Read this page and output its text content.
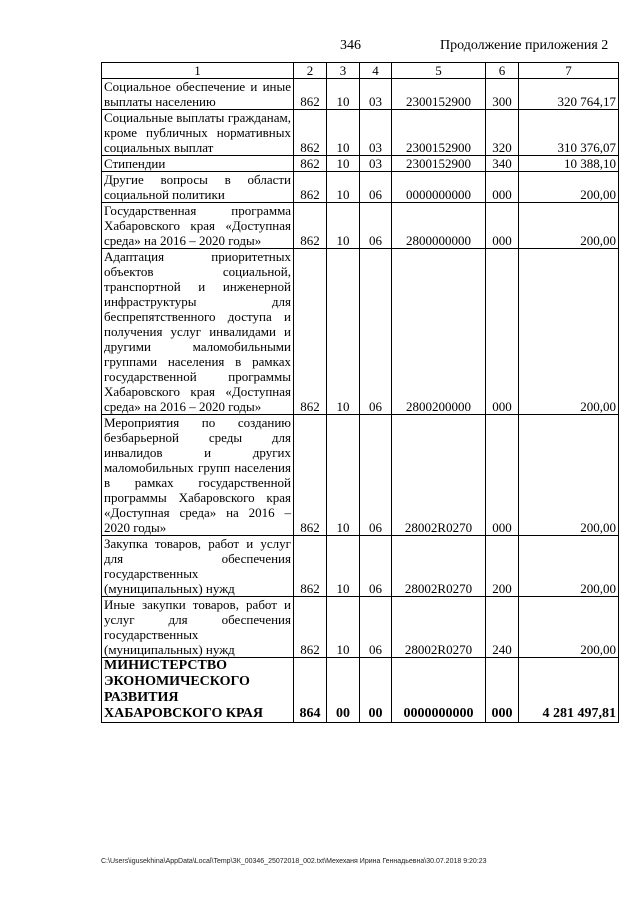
346	Продолжение приложения 2
1	2	3	4	5	6	7
Социальное обеспечение и иные выплаты населению	862	10	03	2300152900	300	320 764,17
Социальные выплаты гражданам, кроме публичных нормативных социальных выплат	862	10	03	2300152900	320	310 376,07
Стипендии	862	10	03	2300152900	340	10 388,10
Другие вопросы в области социальной политики	862	10	06	0000000000	000	200,00
Государственная программа Хабаровского края «Доступная среда» на 2016 – 2020 годы»	862	10	06	2800000000	000	200,00
Адаптация приоритетных объектов социальной, транспортной и инженерной инфраструктуры для беспрепятственного доступа и получения услуг инвалидами и другими маломобильными группами населения в рамках государственной программы Хабаровского края «Доступная среда» на 2016 – 2020 годы»	862	10	06	2800200000	000	200,00
Мероприятия по созданию безбарьерной среды для инвалидов и других маломобильных групп населения в рамках государственной программы Хабаровского края «Доступная среда» на 2016 – 2020 годы»	862	10	06	28002R0270	000	200,00
Закупка товаров, работ и услуг для обеспечения государственных (муниципальных) нужд	862	10	06	28002R0270	200	200,00
Иные закупки товаров, работ и услуг для обеспечения государственных (муниципальных) нужд	862	10	06	28002R0270	240	200,00
МИНИСТЕРСТВО ЭКОНОМИЧЕСКОГО РАЗВИТИЯ ХАБАРОВСКОГО КРАЯ	864	00	00	0000000000	000	4 281 497,81
C:\Users\igusekhina\AppData\Local\Temp\ЗК_00346_25072018_002.txt\Мехеханя Ирина Геннадьевна\30.07.2018 9:20:23
